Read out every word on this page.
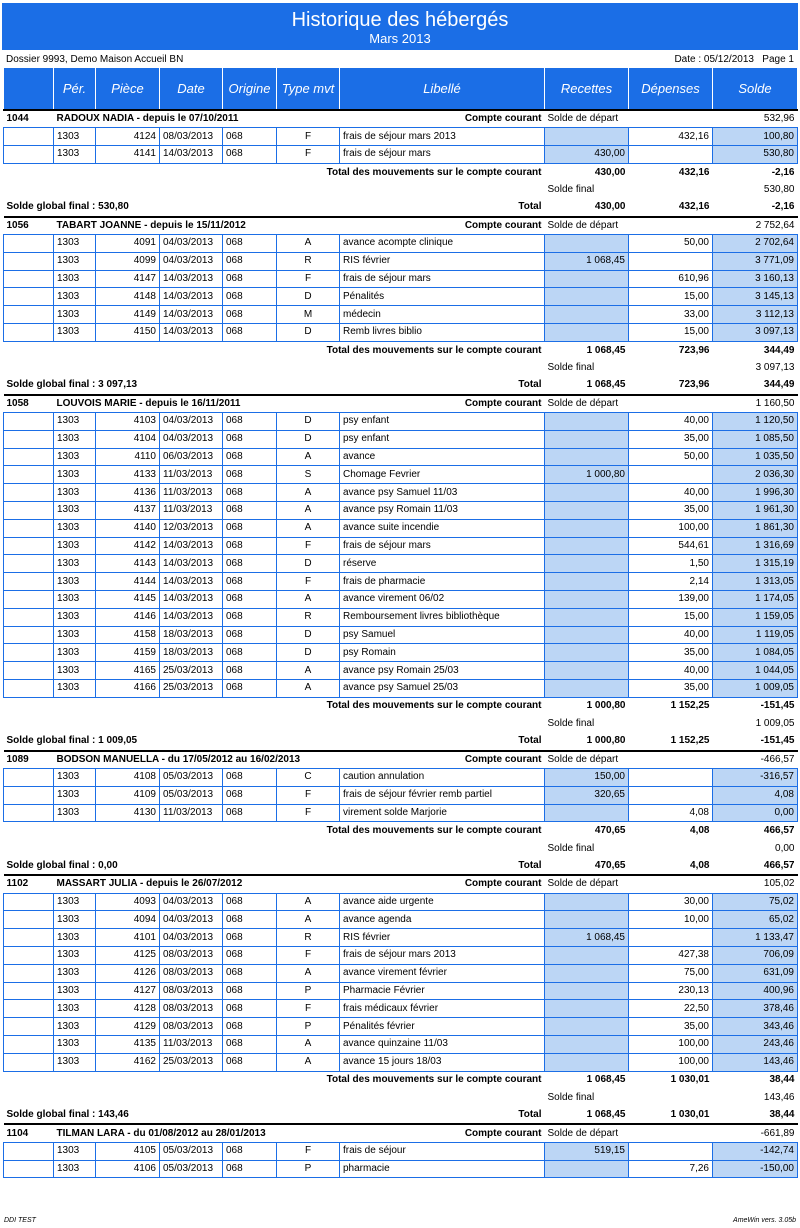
Historique des hébergés
Mars 2013
Dossier 9993, Demo Maison Accueil BN	Date : 05/12/2013 Page 1
	Pér.	Pièce	Date	Origine	Type mvt	Libellé	Recettes	Dépenses	Solde
1044	RADOUX NADIA - depuis le 07/10/2011					Compte courant	Solde de départ		532,96
	1303	4124	08/03/2013	068	F	frais de séjour mars 2013		432,16	100,80
	1303	4141	14/03/2013	068	F	frais de séjour mars	430,00		530,80
Total des mouvements sur le compte courant							430,00	432,16	-2,16
							Solde final		530,80
Solde global final : 530,80						Total	430,00	432,16	-2,16
1056	TABART JOANNE - depuis le 15/11/2012					Compte courant	Solde de départ		2 752,64
	1303	4091	04/03/2013	068	A	avance acompte clinique		50,00	2 702,64
	1303	4099	04/03/2013	068	R	RIS février	1 068,45		3 771,09
	1303	4147	14/03/2013	068	F	frais de séjour mars		610,96	3 160,13
	1303	4148	14/03/2013	068	D	Pénalités		15,00	3 145,13
	1303	4149	14/03/2013	068	M	médecin		33,00	3 112,13
	1303	4150	14/03/2013	068	D	Remb livres biblio		15,00	3 097,13
Total des mouvements sur le compte courant							1 068,45	723,96	344,49
							Solde final		3 097,13
Solde global final : 3 097,13						Total	1 068,45	723,96	344,49
1058	LOUVOIS MARIE - depuis le 16/11/2011					Compte courant	Solde de départ		1 160,50
	1303	4103	04/03/2013	068	D	psy enfant		40,00	1 120,50
	1303	4104	04/03/2013	068	D	psy enfant		35,00	1 085,50
	1303	4110	06/03/2013	068	A	avance		50,00	1 035,50
	1303	4133	11/03/2013	068	S	Chomage Fevrier	1 000,80		2 036,30
	1303	4136	11/03/2013	068	A	avance psy Samuel 11/03		40,00	1 996,30
	1303	4137	11/03/2013	068	A	avance psy Romain 11/03		35,00	1 961,30
	1303	4140	12/03/2013	068	A	avance suite incendie		100,00	1 861,30
	1303	4142	14/03/2013	068	F	frais de séjour mars		544,61	1 316,69
	1303	4143	14/03/2013	068	D	réserve		1,50	1 315,19
	1303	4144	14/03/2013	068	F	frais de pharmacie		2,14	1 313,05
	1303	4145	14/03/2013	068	A	avance virement 06/02		139,00	1 174,05
	1303	4146	14/03/2013	068	R	Remboursement livres bibliothèque		15,00	1 159,05
	1303	4158	18/03/2013	068	D	psy Samuel		40,00	1 119,05
	1303	4159	18/03/2013	068	D	psy Romain		35,00	1 084,05
	1303	4165	25/03/2013	068	A	avance psy Romain 25/03		40,00	1 044,05
	1303	4166	25/03/2013	068	A	avance psy Samuel 25/03		35,00	1 009,05
Total des mouvements sur le compte courant							1 000,80	1 152,25	-151,45
							Solde final		1 009,05
Solde global final : 1 009,05						Total	1 000,80	1 152,25	-151,45
1089	BODSON MANUELLA - du 17/05/2012 au 16/02/2013					Compte courant	Solde de départ		-466,57
	1303	4108	05/03/2013	068	C	caution annulation	150,00		-316,57
	1303	4109	05/03/2013	068	F	frais de séjour février remb partiel	320,65		4,08
	1303	4130	11/03/2013	068	F	virement solde Marjorie		4,08	0,00
Total des mouvements sur le compte courant							470,65	4,08	466,57
							Solde final		0,00
Solde global final : 0,00						Total	470,65	4,08	466,57
1102	MASSART JULIA - depuis le 26/07/2012					Compte courant	Solde de départ		105,02
	1303	4093	04/03/2013	068	A	avance aide urgente		30,00	75,02
	1303	4094	04/03/2013	068	A	avance agenda		10,00	65,02
	1303	4101	04/03/2013	068	R	RIS février	1 068,45		1 133,47
	1303	4125	08/03/2013	068	F	frais de séjour mars 2013		427,38	706,09
	1303	4126	08/03/2013	068	A	avance virement février		75,00	631,09
	1303	4127	08/03/2013	068	P	Pharmacie Février		230,13	400,96
	1303	4128	08/03/2013	068	F	frais médicaux février		22,50	378,46
	1303	4129	08/03/2013	068	P	Pénalités février		35,00	343,46
	1303	4135	11/03/2013	068	A	avance quinzaine 11/03		100,00	243,46
	1303	4162	25/03/2013	068	A	avance 15 jours 18/03		100,00	143,46
Total des mouvements sur le compte courant							1 068,45	1 030,01	38,44
							Solde final		143,46
Solde global final : 143,46						Total	1 068,45	1 030,01	38,44
1104	TILMAN LARA - du 01/08/2012 au 28/01/2013					Compte courant	Solde de départ		-661,89
	1303	4105	05/03/2013	068	F	frais de séjour	519,15		-142,74
	1303	4106	05/03/2013	068	P	pharmacie		7,26	-150,00
DDI TEST	AmeWin vers. 3.05b
